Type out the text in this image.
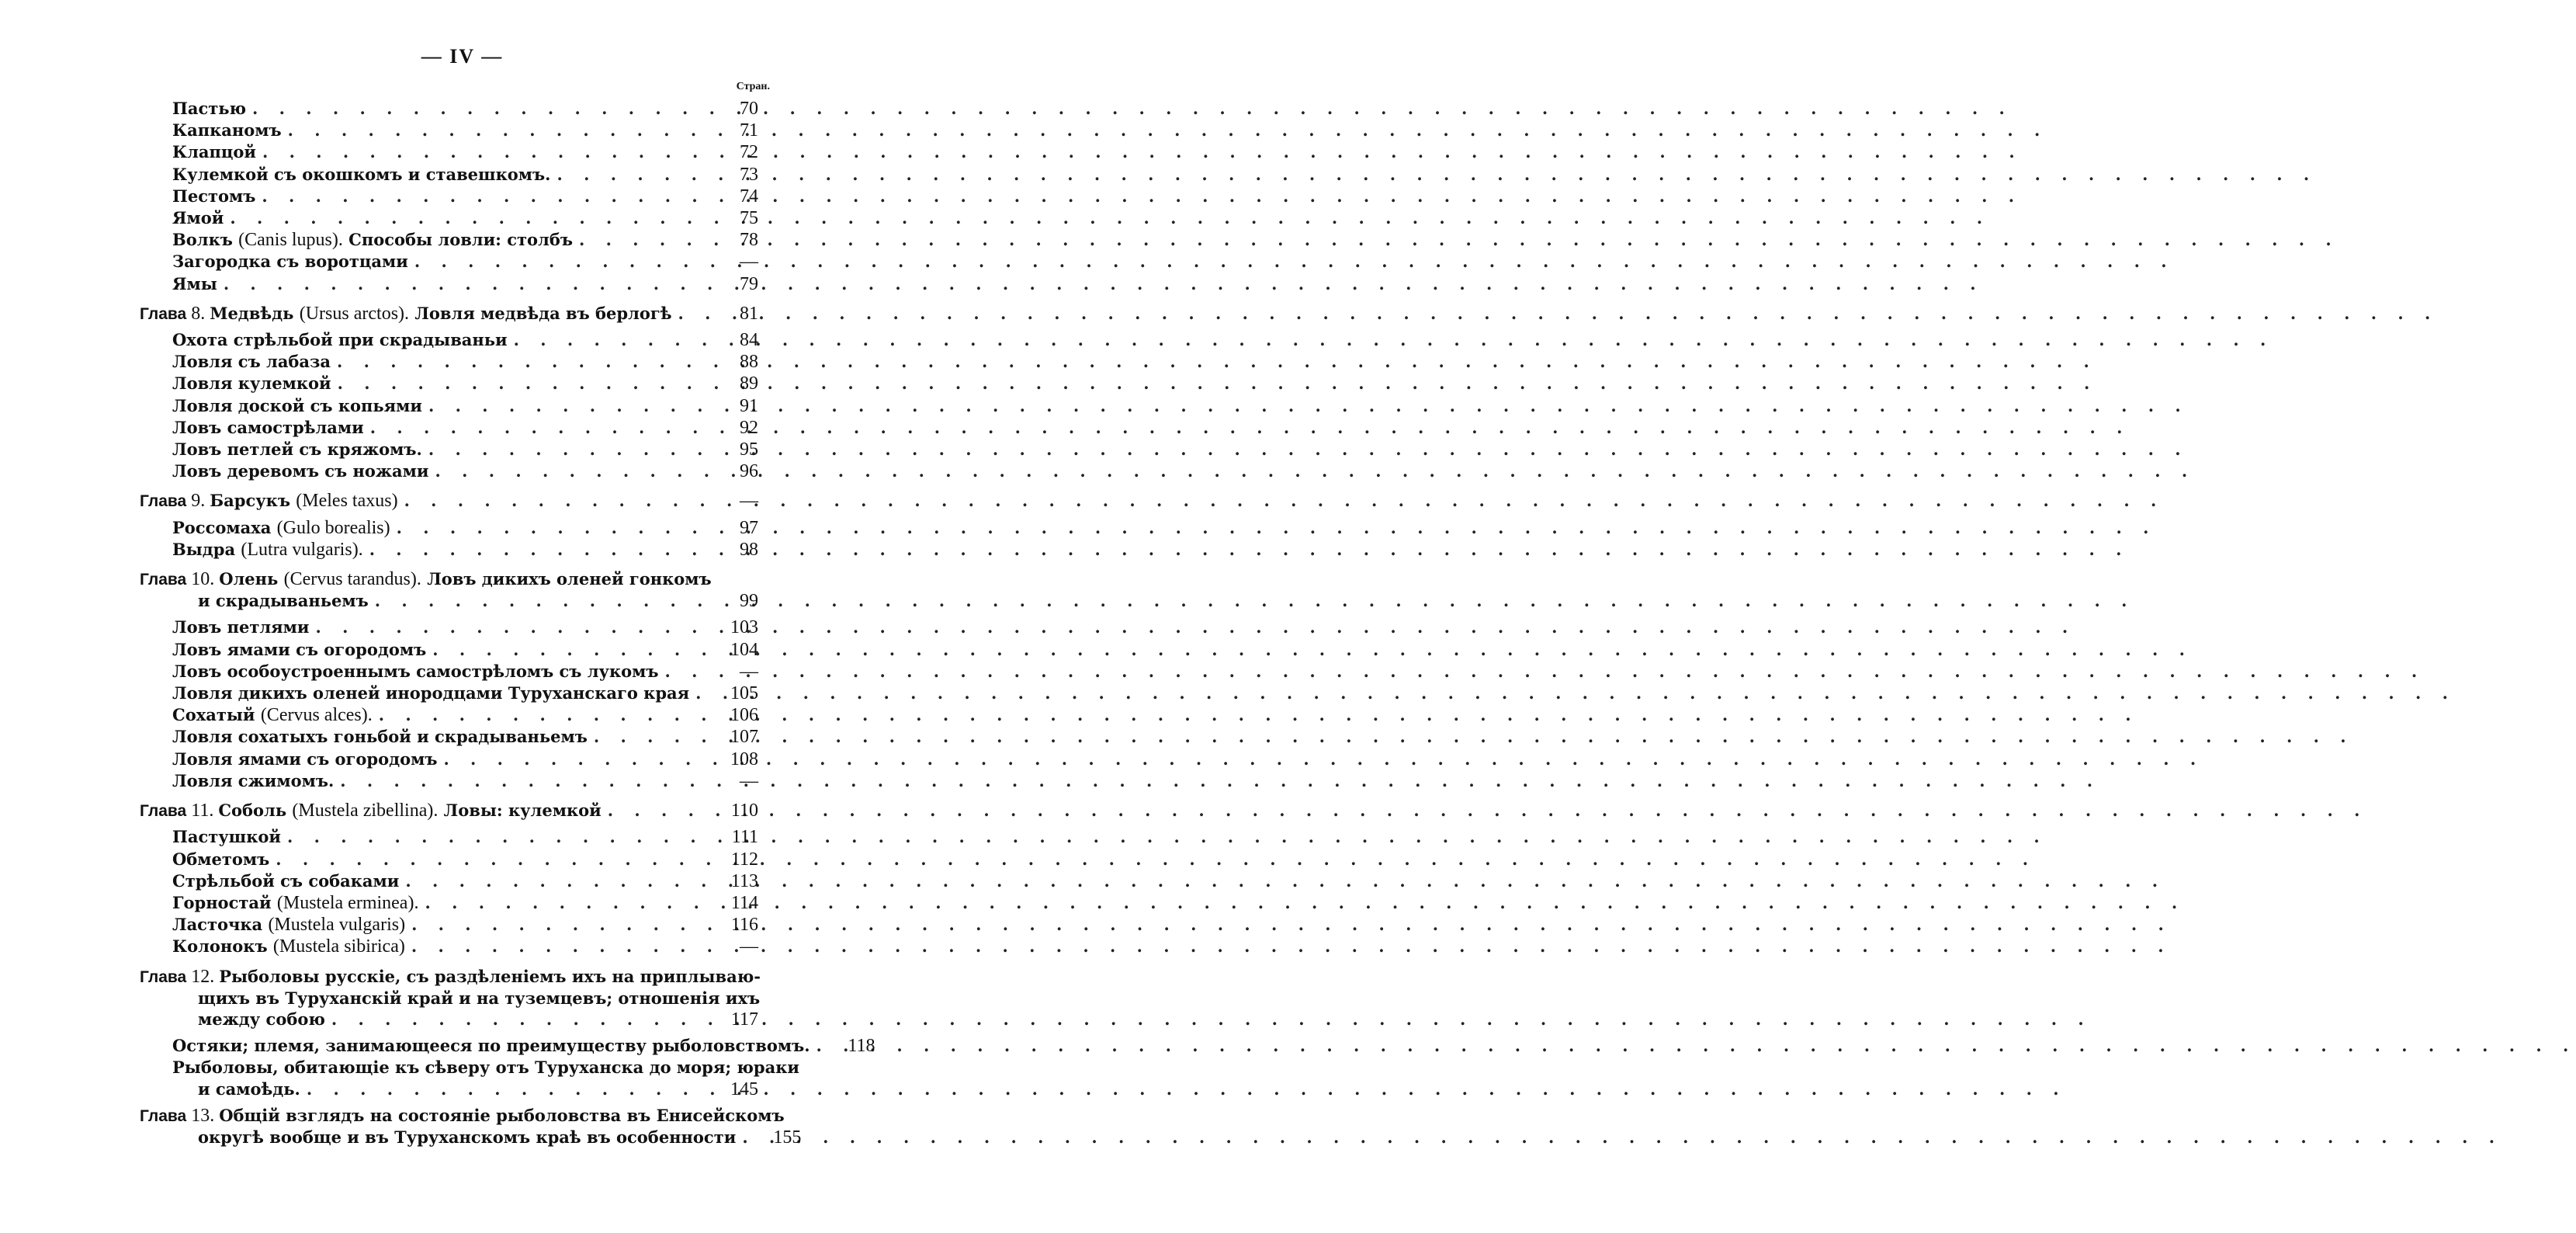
— IV —
Стран.
Пастью . . .	70
Капканомъ . . .	71
Клапцой . . .	72
Кулемкой съ окошкомъ и ставешкомъ. . . .	73
Пестомъ . . .	74
Ямой . . .	75
Волкъ (Canis lupus). Способы ловли: столбъ . . .	78
Загородка съ воротцами . . .	—
Ямы . . .	79
Глава 8. Медвѣдь (Ursus arctos). Ловля медвѣда въ берлогѣ . . .	81
Охота стрѣльбой при скрадываньи . . .	84
Ловля съ лабаза . . .	88
Ловля кулемкой . . .	89
Ловля доской съ копьями . . .	91
Ловъ самострѣлами . . .	92
Ловъ петлей съ кряжомъ. . . .	95
Ловъ деревомъ съ ножами . . .	96
Глава 9. Барсукъ (Meles taxus) . . .	—
Россомаха (Gulo borealis) . . .	97
Выдра (Lutra vulgaris). . . .	98
Глава 10. Олень (Cervus tarandus). Ловъ дикихъ оленей гонкомъ
и скрадываньемъ . . .	99
Ловъ петлями . . .	103
Ловъ ямами съ огородомъ . . .	104
Ловъ особоустроеннымъ самострѣломъ съ лукомъ . . .	—
Ловля дикихъ оленей инородцами Туруханскаго края . . .	105
Сохатый (Cervus alces). . . .	106
Ловля сохатыхъ гоньбой и скрадываньемъ . . .	107
Ловля ямами съ огородомъ . . .	108
Ловля сжимомъ. . . .	—
Глава 11. Соболь (Mustela zibellina). Ловы: кулемкой . . .	110
Пастушкой . . .	111
Обметомъ . . .	112
Стрѣльбой съ собаками . . .	113
Горностай (Mustela erminea). . . .	114
Ласточка (Mustela vulgaris) . . .	116
Колонокъ (Mustela sibirica) . . .	—
Глава 12. Рыболовы русскіе, съ раздѣленіемъ ихъ на приплываю-
щихъ въ Туруханскій край и на туземцевъ; отношенія ихъ
между собою . . .	117
Остяки; племя, занимающееся по преимуществу рыболовствомъ. . . .	118
Рыболовы, обитающіе къ сѣверу отъ Туруханска до моря; юраки
и самоѣдь. . . .	145
Глава 13. Общій взглядъ на состояніе рыболовства въ Енисейскомъ
округѣ вообще и въ Туруханскомъ краѣ въ особенности . . .	155
